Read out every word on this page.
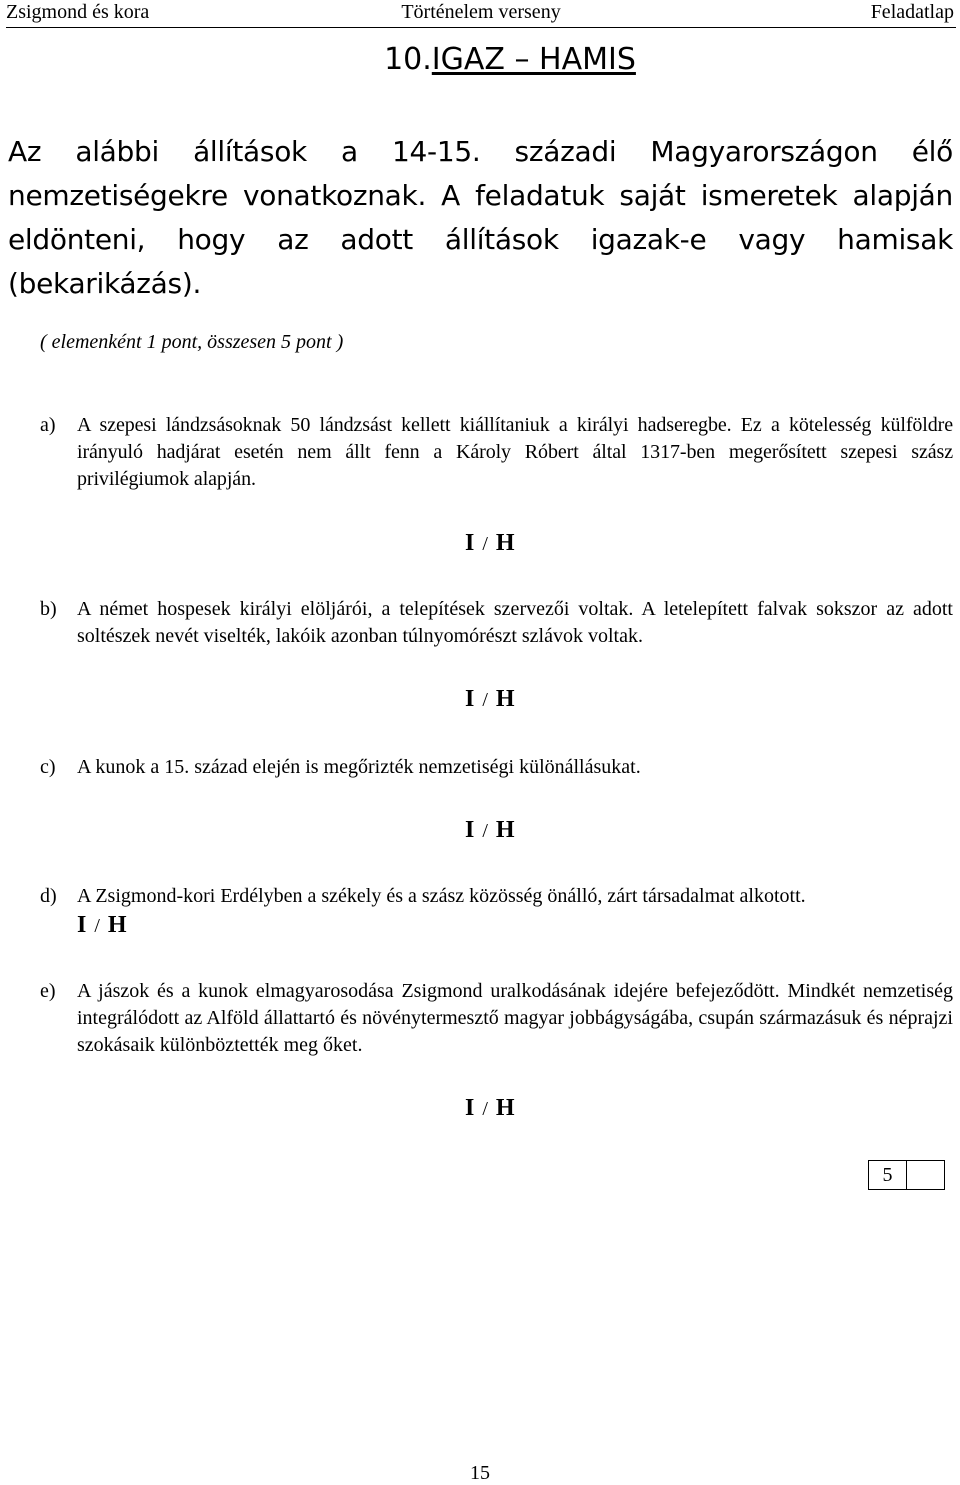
Zsigmond és kora	Történelem verseny	Feladatlap
10.IGAZ – HAMIS
Az alábbi állítások a 14-15. századi Magyarországon élő nemzetiségekre vonatkoznak. A feladatuk saját ismeretek alapján eldönteni, hogy az adott állítások igazak-e vagy hamisak (bekarikázás).
( elemenként 1 pont, összesen 5 pont )
a) A szepesi lándzsásoknak 50 lándzsást kellett kiállítaniuk a királyi hadseregbe. Ez a kötelesség külföldre irányuló hadjárat esetén nem állt fenn a Károly Róbert által 1317-ben megerősített szepesi szász privilégiumok alapján.
I / H
b) A német hospesek királyi elöljárói, a telepítések szervezői voltak. A letelepített falvak sokszor az adott soltészek nevét viselték, lakóik azonban túlnyomórészt szlávok voltak.
I / H
c) A kunok a 15. század elején is megőrizték nemzetiségi különállásukat.
I / H
d) A Zsigmond-kori Erdélyben a székely és a szász közösség önálló, zárt társadalmat alkotott.
I / H
e) A jászok és a kunok elmagyarosodása Zsigmond uralkodásának idejére befejeződött. Mindkét nemzetiség integrálódott az Alföld állattartó és növénytermesztő magyar jobbágyságába, csupán származásuk és néprajzi szokásaik különböztették meg őket.
I / H
5
15
